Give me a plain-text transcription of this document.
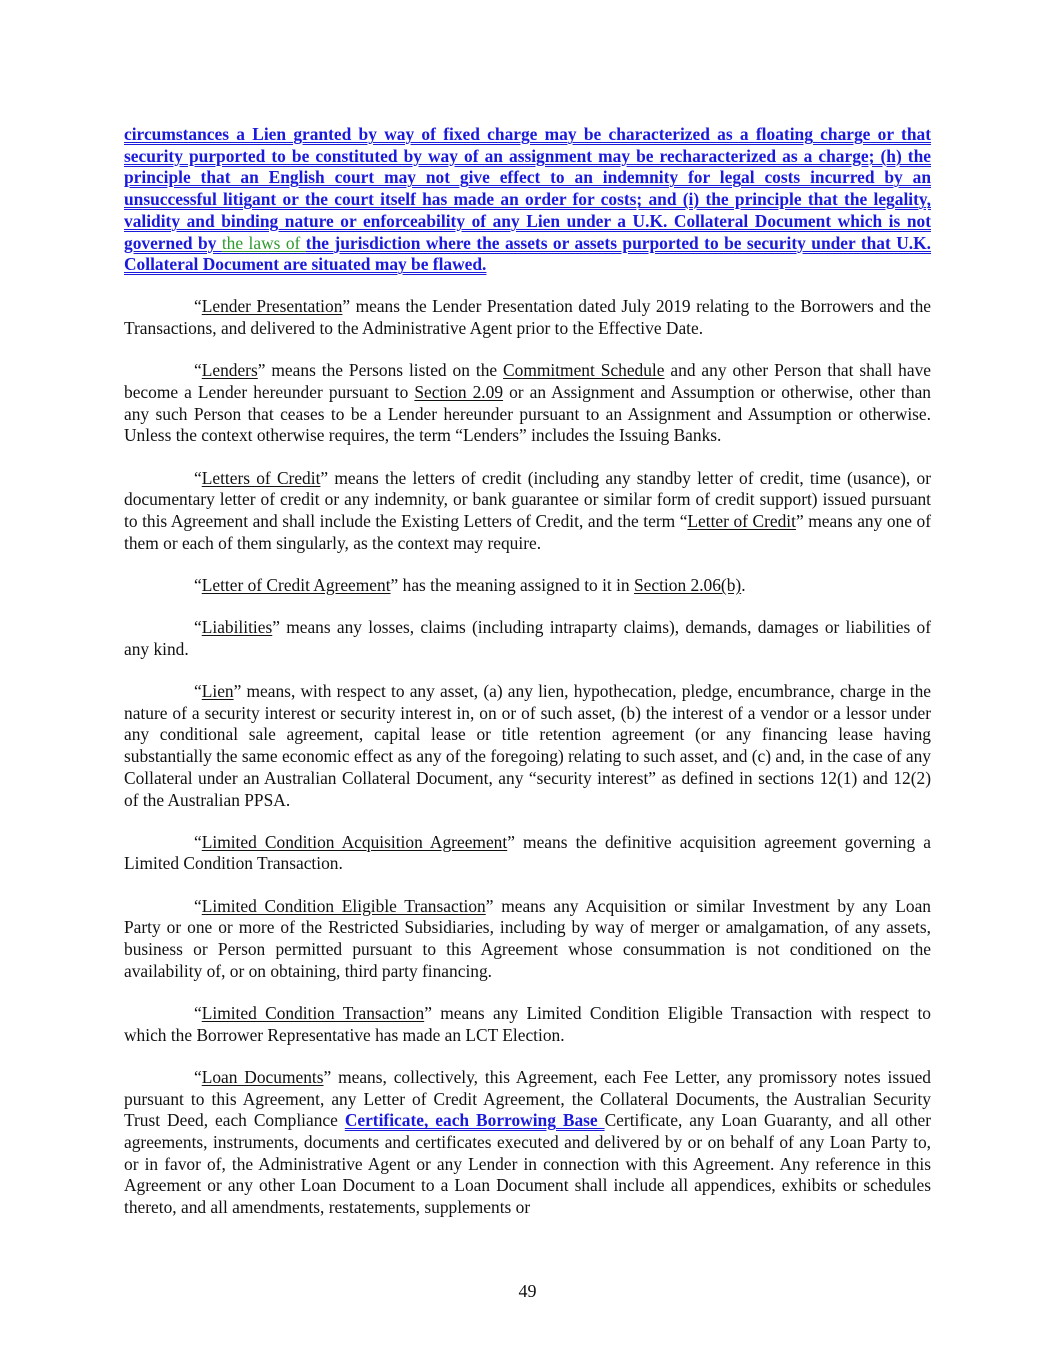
circumstances a Lien granted by way of fixed charge may be characterized as a floating charge or that security purported to be constituted by way of an assignment may be recharacterized as a charge; (h) the principle that an English court may not give effect to an indemnity for legal costs incurred by an unsuccessful litigant or the court itself has made an order for costs; and (i) the principle that the legality, validity and binding nature or enforceability of any Lien under a U.K. Collateral Document which is not governed by the laws of the jurisdiction where the assets or assets purported to be security under that U.K. Collateral Document are situated may be flawed.

“Lender Presentation” means the Lender Presentation dated July 2019 relating to the Borrowers and the Transactions, and delivered to the Administrative Agent prior to the Effective Date.

“Lenders” means the Persons listed on the Commitment Schedule and any other Person that shall have become a Lender hereunder pursuant to Section 2.09 or an Assignment and Assumption or otherwise, other than any such Person that ceases to be a Lender hereunder pursuant to an Assignment and Assumption or otherwise. Unless the context otherwise requires, the term “Lenders” includes the Issuing Banks.

“Letters of Credit” means the letters of credit (including any standby letter of credit, time (usance), or documentary letter of credit or any indemnity, or bank guarantee or similar form of credit support) issued pursuant to this Agreement and shall include the Existing Letters of Credit, and the term “Letter of Credit” means any one of them or each of them singularly, as the context may require.

“Letter of Credit Agreement” has the meaning assigned to it in Section 2.06(b).

“Liabilities” means any losses, claims (including intraparty claims), demands, damages or liabilities of any kind.

“Lien” means, with respect to any asset, (a) any lien, hypothecation, pledge, encumbrance, charge in the nature of a security interest or security interest in, on or of such asset, (b) the interest of a vendor or a lessor under any conditional sale agreement, capital lease or title retention agreement (or any financing lease having substantially the same economic effect as any of the foregoing) relating to such asset, and (c) and, in the case of any Collateral under an Australian Collateral Document, any “security interest” as defined in sections 12(1) and 12(2) of the Australian PPSA.

“Limited Condition Acquisition Agreement” means the definitive acquisition agreement governing a Limited Condition Transaction.

“Limited Condition Eligible Transaction” means any Acquisition or similar Investment by any Loan Party or one or more of the Restricted Subsidiaries, including by way of merger or amalgamation, of any assets, business or Person permitted pursuant to this Agreement whose consummation is not conditioned on the availability of, or on obtaining, third party financing.

“Limited Condition Transaction” means any Limited Condition Eligible Transaction with respect to which the Borrower Representative has made an LCT Election.

“Loan Documents” means, collectively, this Agreement, each Fee Letter, any promissory notes issued pursuant to this Agreement, any Letter of Credit Agreement, the Collateral Documents, the Australian Security Trust Deed, each Compliance Certificate, each Borrowing Base Certificate, any Loan Guaranty, and all other agreements, instruments, documents and certificates executed and delivered by or on behalf of any Loan Party to, or in favor of, the Administrative Agent or any Lender in connection with this Agreement. Any reference in this Agreement or any other Loan Document to a Loan Document shall include all appendices, exhibits or schedules thereto, and all amendments, restatements, supplements or

49
